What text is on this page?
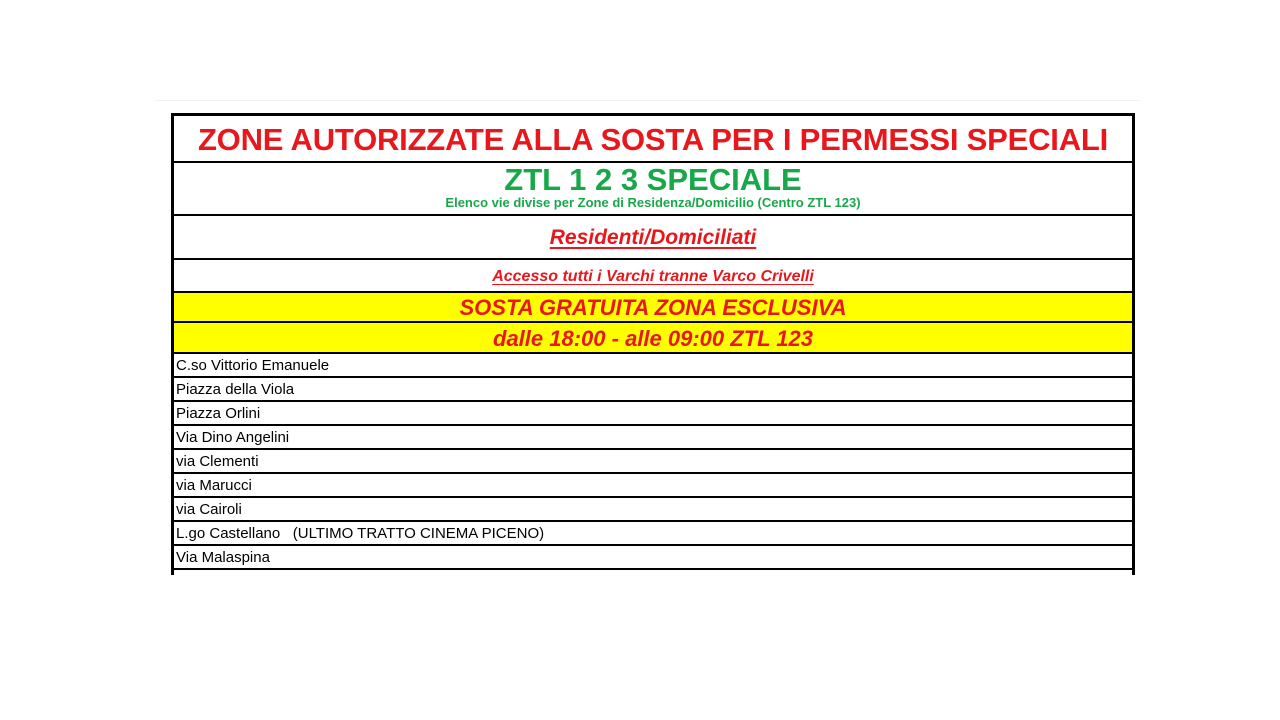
ZONE AUTORIZZATE ALLA SOSTA PER I PERMESSI SPECIALI
ZTL 1 2 3 SPECIALE
Elenco vie divise per Zone di Residenza/Domicilio (Centro ZTL 123)
Residenti/Domiciliati
Accesso tutti i Varchi tranne Varco Crivelli
SOSTA GRATUITA ZONA ESCLUSIVA
dalle 18:00 - alle 09:00 ZTL 123
C.so Vittorio Emanuele
Piazza della Viola
Piazza Orlini
Via Dino Angelini
via Clementi
via Marucci
via Cairoli
L.go Castellano   (ULTIMO TRATTO CINEMA PICENO)
Via Malaspina
